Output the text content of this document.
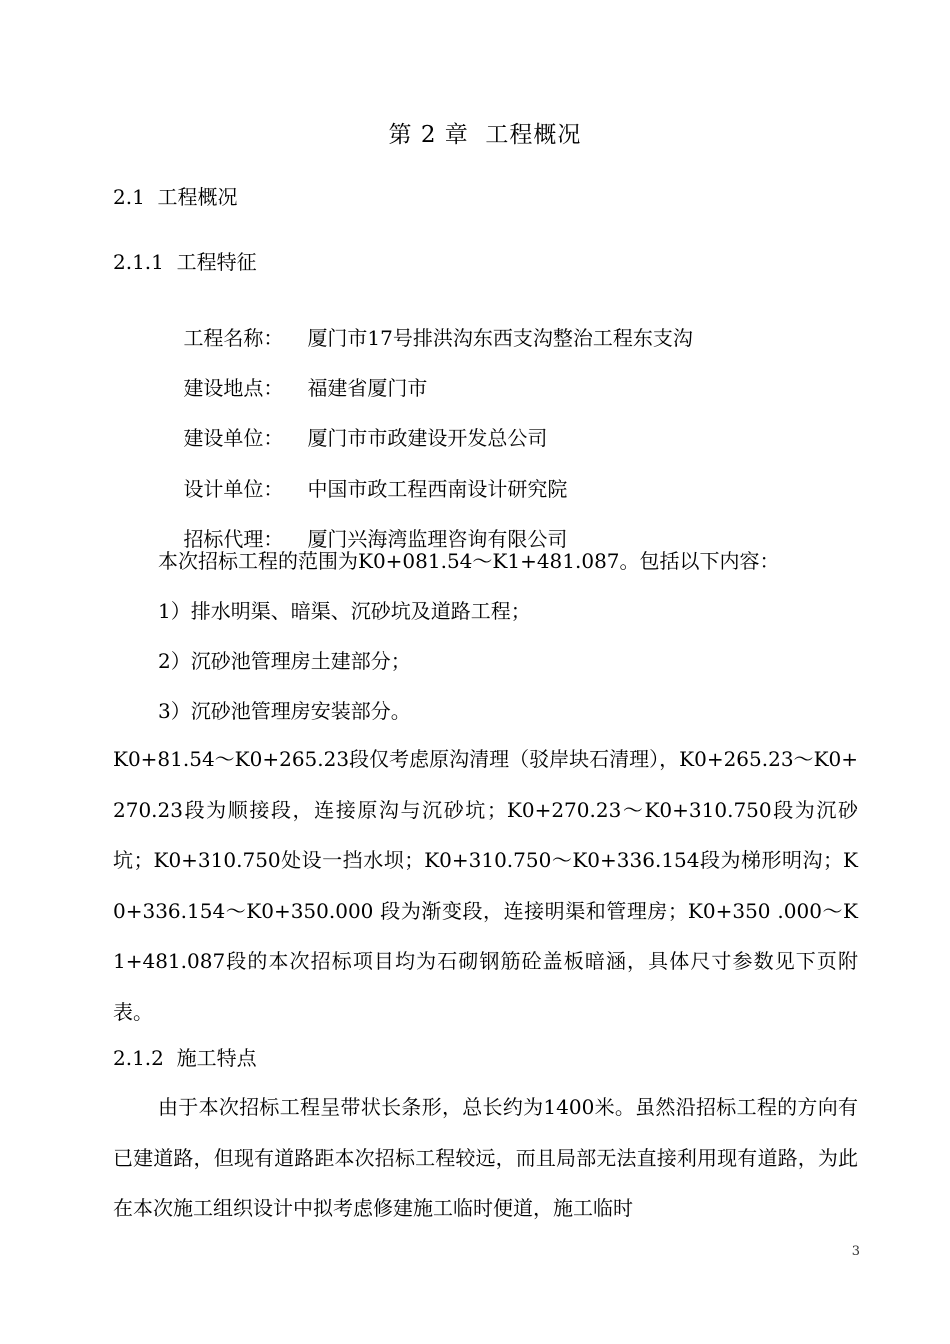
第 2 章  工程概况
2.1  工程概况
2.1.1  工程特征

工程名称： 厦门市17号排洪沟东西支沟整治工程东支沟

建设地点： 福建省厦门市

建设单位： 厦门市市政建设开发总公司

设计单位： 中国市政工程西南设计研究院

招标代理： 厦门兴海湾监理咨询有限公司

本次招标工程的范围为K0+081.54～K1+481.087。包括以下内容：
1）排水明渠、暗渠、沉砂坑及道路工程；
2）沉砂池管理房土建部分；
3）沉砂池管理房安装部分。
K0+81.54～K0+265.23段仅考虑原沟清理（驳岸块石清理），K0+265.23～K0+270.23段为顺接段，连接原沟与沉砂坑；K0+270.23～K0+310.750段为沉砂坑；K0+310.750处设一挡水坝；K0+310.750～K0+336.154段为梯形明沟；K0+336.154～K0+350.000 段为渐变段，连接明渠和管理房；K0+350 .000～K1+481.087段的本次招标项目均为石砌钢筋砼盖板暗涵，具体尺寸参数见下页附表。
2.1.2  施工特点
由于本次招标工程呈带状长条形，总长约为1400米。虽然沿招标工程的方向有已建道路，但现有道路距本次招标工程较远，而且局部无法直接利用现有道路，为此在本次施工组织设计中拟考虑修建施工临时便道，施工临时
3
